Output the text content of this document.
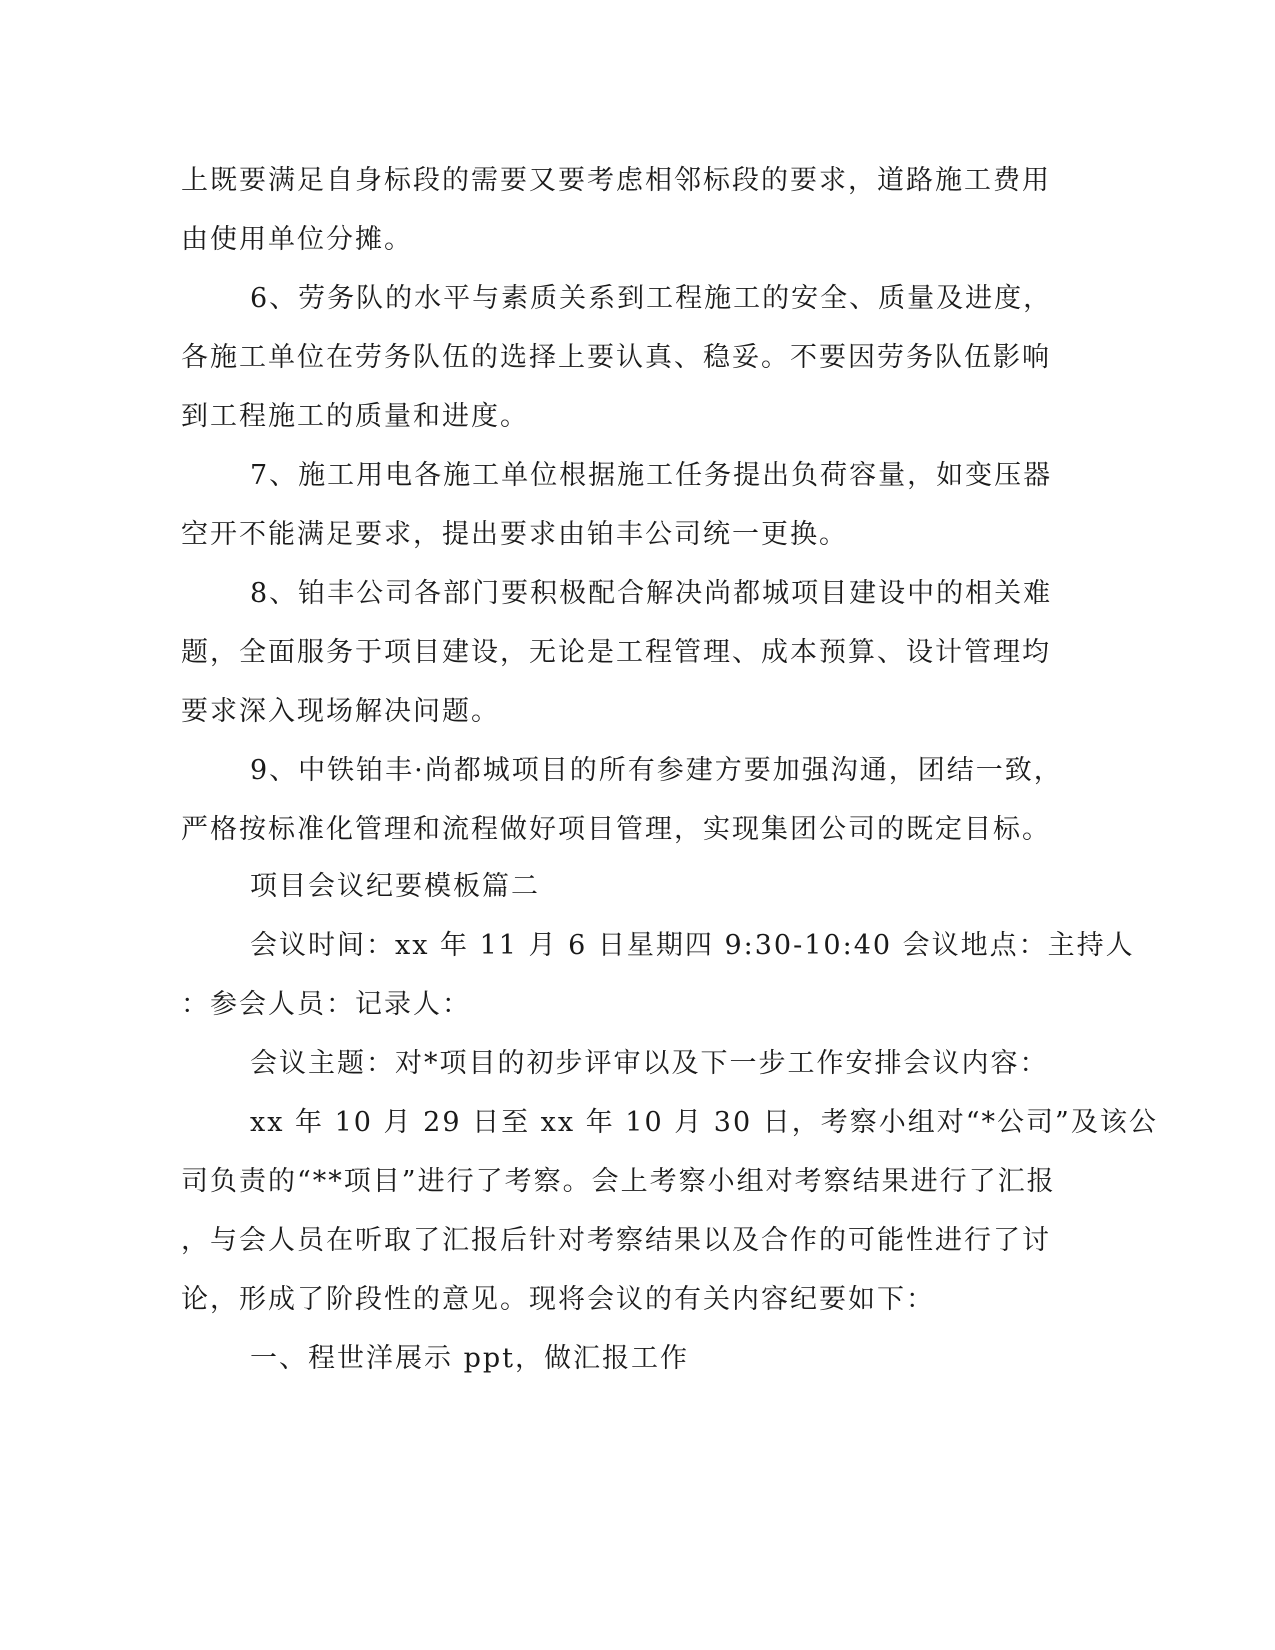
上既要满足自身标段的需要又要考虑相邻标段的要求，道路施工费用
由使用单位分摊。
6、劳务队的水平与素质关系到工程施工的安全、质量及进度，
各施工单位在劳务队伍的选择上要认真、稳妥。不要因劳务队伍影响
到工程施工的质量和进度。
7、施工用电各施工单位根据施工任务提出负荷容量，如变压器
空开不能满足要求，提出要求由铂丰公司统一更换。
8、铂丰公司各部门要积极配合解决尚都城项目建设中的相关难
题，全面服务于项目建设，无论是工程管理、成本预算、设计管理均
要求深入现场解决问题。
9、中铁铂丰·尚都城项目的所有参建方要加强沟通，团结一致，
严格按标准化管理和流程做好项目管理，实现集团公司的既定目标。
项目会议纪要模板篇二
会议时间：xx 年 11 月 6 日星期四 9:30-10:40 会议地点：主持人
：参会人员：记录人：
会议主题：对*项目的初步评审以及下一步工作安排会议内容：
xx 年 10 月 29 日至 xx 年 10 月 30 日，考察小组对“*公司”及该公
司负责的“**项目”进行了考察。会上考察小组对考察结果进行了汇报
，与会人员在听取了汇报后针对考察结果以及合作的可能性进行了讨
论，形成了阶段性的意见。现将会议的有关内容纪要如下：
一、程世洋展示 ppt，做汇报工作
